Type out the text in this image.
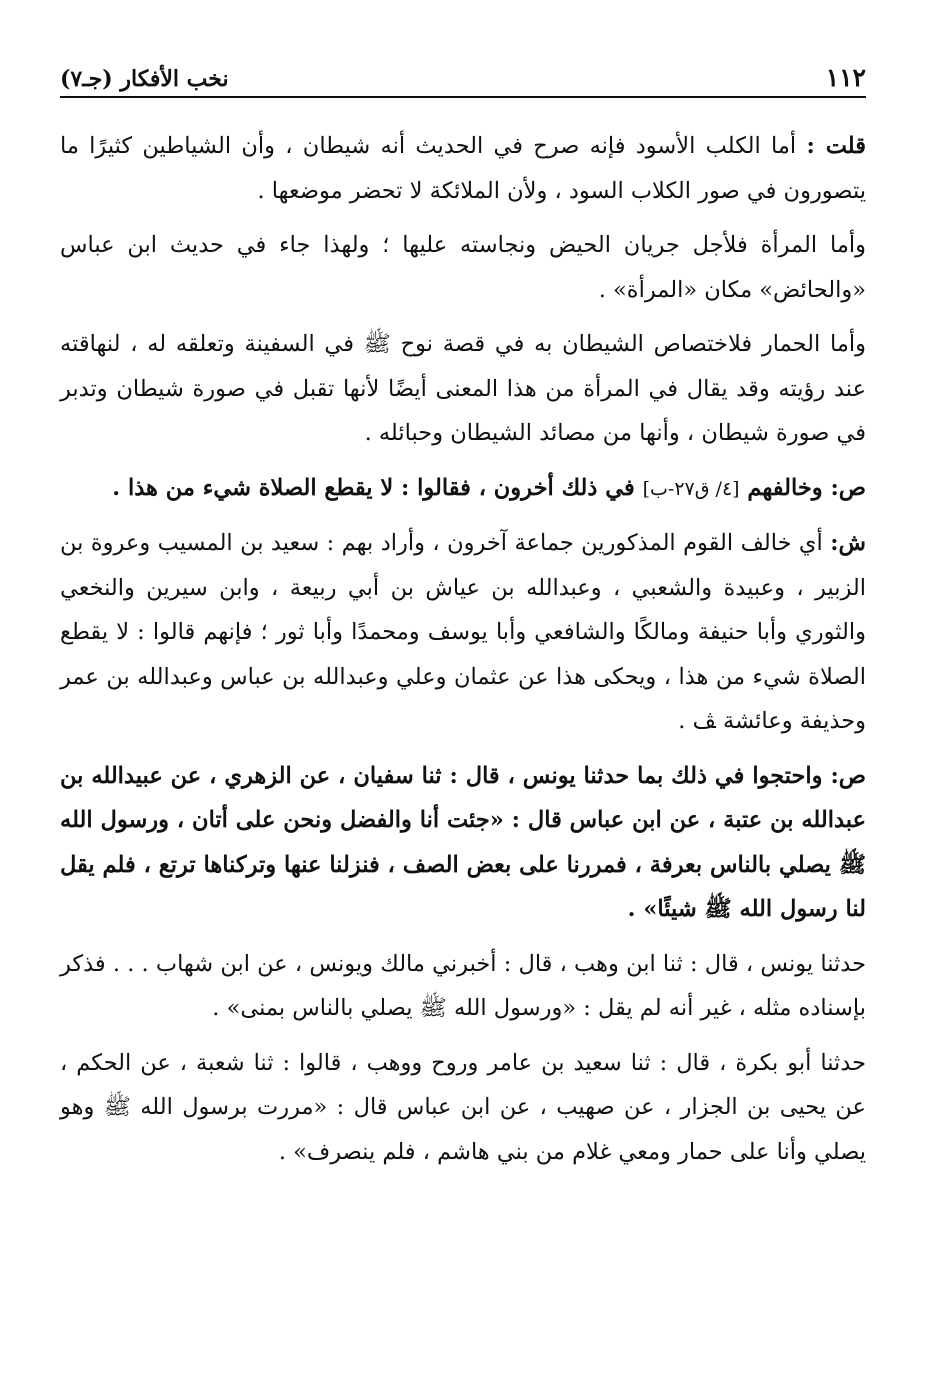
١١٢
نخب الأفكار (جـ٧)

قلت : أما الكلب الأسود فإنه صرح في الحديث أنه شيطان ، وأن الشياطين كثيرًا ما يتصورون في صور الكلاب السود ، ولأن الملائكة لا تحضر موضعها .

وأما المرأة فلأجل جريان الحيض ونجاسته عليها ؛ ولهذا جاء في حديث ابن عباس «والحائض» مكان «المرأة» .

وأما الحمار فلاختصاص الشيطان به في قصة نوح ﷺ في السفينة وتعلقه له ، لنهاقته عند رؤيته وقد يقال في المرأة من هذا المعنى أيضًا لأنها تقبل في صورة شيطان وتدبر في صورة شيطان ، وأنها من مصائد الشيطان وحبائله .

ص: وخالفهم [٤/ ق٢٧-ب] في ذلك أخرون ، فقالوا : لا يقطع الصلاة شيء من هذا .

ش: أي خالف القوم المذكورين جماعة آخرون ، وأراد بهم : سعيد بن المسيب وعروة بن الزبير ، وعبيدة والشعبي ، وعبدالله بن عياش بن أبي ربيعة ، وابن سيرين والنخعي والثوري وأبا حنيفة ومالكًا والشافعي وأبا يوسف ومحمدًا وأبا ثور ؛ فإنهم قالوا : لا يقطع الصلاة شيء من هذا ، ويحكى هذا عن عثمان وعلي وعبدالله بن عباس وعبدالله بن عمر وحذيفة وعائشة ﭫ .

ص: واحتجوا في ذلك بما حدثنا يونس ، قال : ثنا سفيان ، عن الزهري ، عن عبيدالله بن عبدالله بن عتبة ، عن ابن عباس قال : «جئت أنا والفضل ونحن على أتان ، ورسول الله ﷺ يصلي بالناس بعرفة ، فمررنا على بعض الصف ، فنزلنا عنها وتركناها ترتع ، فلم يقل لنا رسول الله ﷺ شيئًا» .

حدثنا يونس ، قال : ثنا ابن وهب ، قال : أخبرني مالك ويونس ، عن ابن شهاب . . . فذكر بإسناده مثله ، غير أنه لم يقل : «ورسول الله ﷺ يصلي بالناس بمنى» .

حدثنا أبو بكرة ، قال : ثنا سعيد بن عامر وروح ووهب ، قالوا : ثنا شعبة ، عن الحكم ، عن يحيى بن الجزار ، عن صهيب ، عن ابن عباس قال : «مررت برسول الله ﷺ وهو يصلي وأنا على حمار ومعي غلام من بني هاشم ، فلم ينصرف» .
